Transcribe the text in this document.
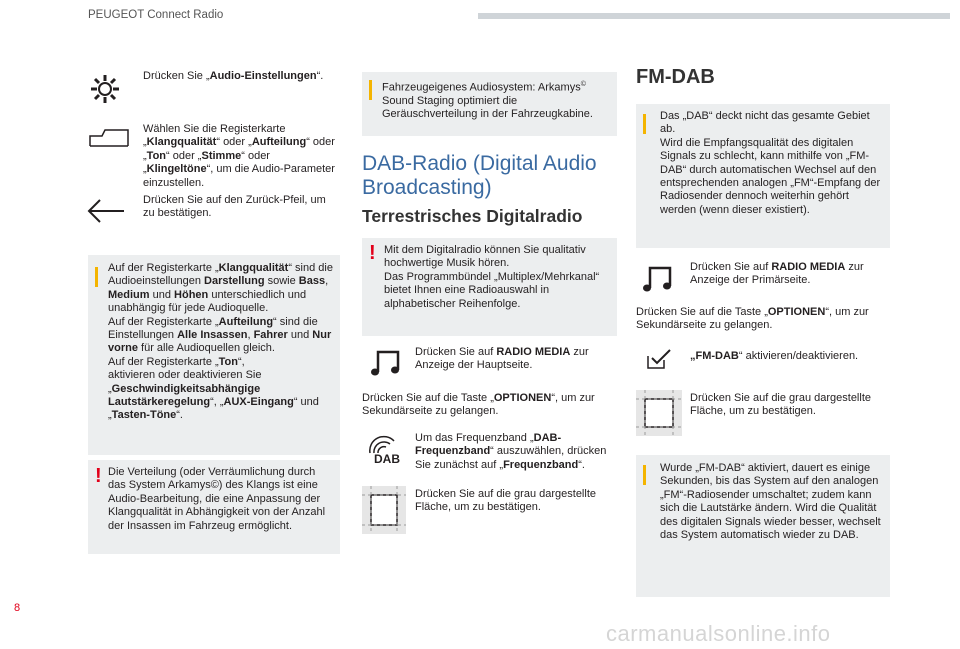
PEUGEOT Connect Radio
Drücken Sie „Audio-Einstellungen“.
Wählen Sie die Registerkarte „Klangqualität“ oder „Aufteilung“ oder „Ton“ oder „Stimme“ oder „Klingeltöne“, um die Audio-Parameter einzustellen.
Drücken Sie auf den Zurück-Pfeil, um zu bestätigen.
Auf der Registerkarte „Klangqualität“ sind die Audioeinstellungen Darstellung sowie Bass, Medium und Höhen unterschiedlich und unabhängig für jede Audioquelle.
Auf der Registerkarte „Aufteilung“ sind die Einstellungen Alle Insassen, Fahrer und Nur vorne für alle Audioquellen gleich.
Auf der Registerkarte „Ton“,
aktivieren oder deaktivieren Sie „Geschwindigkeitsabhängige Lautstärkeregelung“, „AUX-Eingang“ und „Tasten-Töne“.
! Die Verteilung (oder Verräumlichung durch das System Arkamys©) des Klangs ist eine Audio-Bearbeitung, die eine Anpassung der Klangqualität in Abhängigkeit von der Anzahl der Insassen im Fahrzeug ermöglicht.
Fahrzeugeigenes Audiosystem: Arkamys© Sound Staging optimiert die Geräuschverteilung in der Fahrzeugkabine.
DAB-Radio (Digital Audio Broadcasting)
Terrestrisches Digitalradio
! Mit dem Digitalradio können Sie qualitativ hochwertige Musik hören.
Das Programmbündel „Multiplex/Mehrkanal“ bietet Ihnen eine Radioauswahl in alphabetischer Reihenfolge.
Drücken Sie auf RADIO MEDIA zur Anzeige der Hauptseite.
Drücken Sie auf die Taste „OPTIONEN“, um zur Sekundärseite zu gelangen.
DAB
Um das Frequenzband „DAB-Frequenzband“ auszuwählen, drücken Sie zunächst auf „Frequenzband“.
Drücken Sie auf die grau dargestellte Fläche, um zu bestätigen.
FM-DAB
Das „DAB“ deckt nicht das gesamte Gebiet ab.
Wird die Empfangsqualität des digitalen Signals zu schlecht, kann mithilfe von „FM-DAB“ durch automatischen Wechsel auf den entsprechenden analogen „FM“-Empfang der Radiosender dennoch weiterhin gehört werden (wenn dieser existiert).
Drücken Sie auf RADIO MEDIA zur Anzeige der Primärseite.
Drücken Sie auf die Taste „OPTIONEN“, um zur Sekundärseite zu gelangen.
„FM-DAB“ aktivieren/deaktivieren.
Drücken Sie auf die grau dargestellte Fläche, um zu bestätigen.
Wurde „FM-DAB“ aktiviert, dauert es einige Sekunden, bis das System auf den analogen „FM“-Radiosender umschaltet; zudem kann sich die Lautstärke ändern. Wird die Qualität des digitalen Signals wieder besser, wechselt das System automatisch wieder zu DAB.
8
carmanualsonline.info
